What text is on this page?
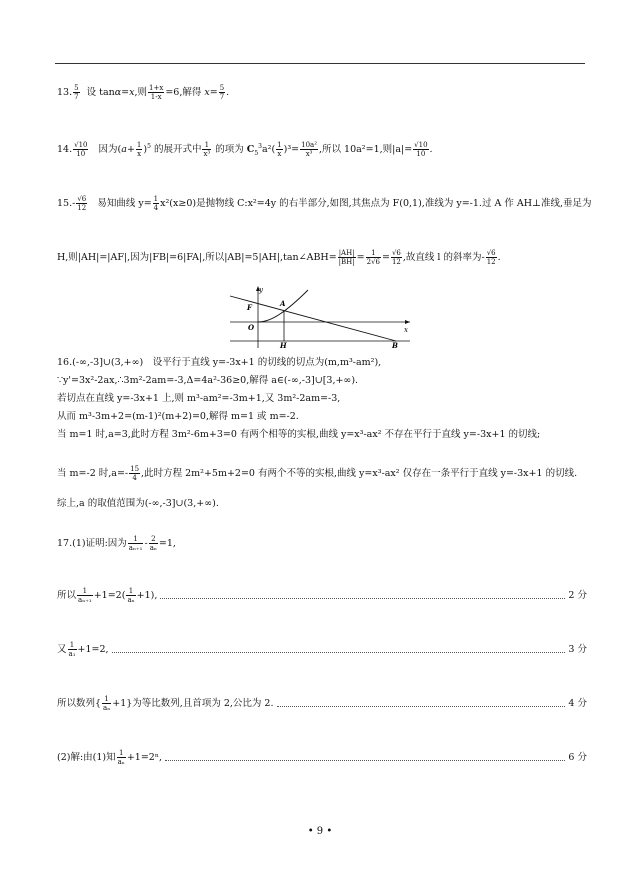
13. $\frac{5}{7}$ 设 tanα=x,则 $\frac{1+x}{1-x} =6$,解得 $x= \frac{5}{7}$ .
14. $\frac{√10}{10}$ 因为$(a+ \frac{1}{x} )^5$ 的展开式中 $\frac{1}{\text{x³}}$ 的项为 $C_5^3a^2( \frac{1}{x} )^3= \frac{\text{10a²}}{\text{x³}}$ ,所以 10a²=1,则$|a|= \frac{√10}{10}$ .
$15.- \frac{√6}{12}$ 易知曲线 $y= \frac{1}{4} x^2(x\ge 0)$是抛物线 C:x²=4y 的右半部分,如图,其焦点为 F(0,1),准线为 y=-1.过 A 作 AH⊥准线,垂足为
H,则|AH|=|AF|,因为|FB|=6|FA|,所以|AB|=5|AH|,tan∠ABH= $\frac{|AH|}{|BH|} = \frac{1}{2√6} = \frac{√6}{12}$ ,故直线 l 的斜率为- $\frac{√6}{12}$ .
y
x
F	A
O
H	B
16.(-∞,-3]∪(3,+∞)　设平行于直线 y=-3x+1 的切线的切点为(m,m³-am²),
∵y'=3x²-2ax,∴3m²-2am=-3,Δ=4a²-36≥0,解得 a∈(-∞,-3]∪[3,+∞).
若切点在直线 y=-3x+1 上,则 m³-am²=-3m+1,又 3m²-2am=-3,
从而 m³-3m+2=(m-1)²(m+2)=0,解得 m=1 或 m=-2.
当 m=1 时,a=3,此时方程 3m²-6m+3=0 有两个相等的实根,曲线 y=x³-ax² 不存在平行于直线 y=-3x+1 的切线;
当 m=-2 时$,a=- \frac{15}{4}$ ,此时方程 2m²+5m+2=0 有两个不等的实根,曲线 y=x³-ax² 仅存在一条平行于直线 y=-3x+1 的切线.
综上,a 的取值范围为(-∞,-3]∪(3,+∞).
17.(1)证明:因为 $\frac{1}{\text{aₙ₊₁}} - \frac{2}{\text{aₙ}} =1$,
所以 $\frac{1}{\text{aₙ₊₁}} +1=2( \frac{1}{\text{aₙ}} +1)$,	2 分
又 $\frac{1}{\text{a₁}} +1=2$,	3 分
所以数列{ $\frac{1}{\text{aₙ}} +1$}为等比数列,且首项为 2,公比为 2.	4 分
(2)解:由(1)知 $\frac{1}{\text{aₙ}} +1=2^n$,	6 分
• 9 •
